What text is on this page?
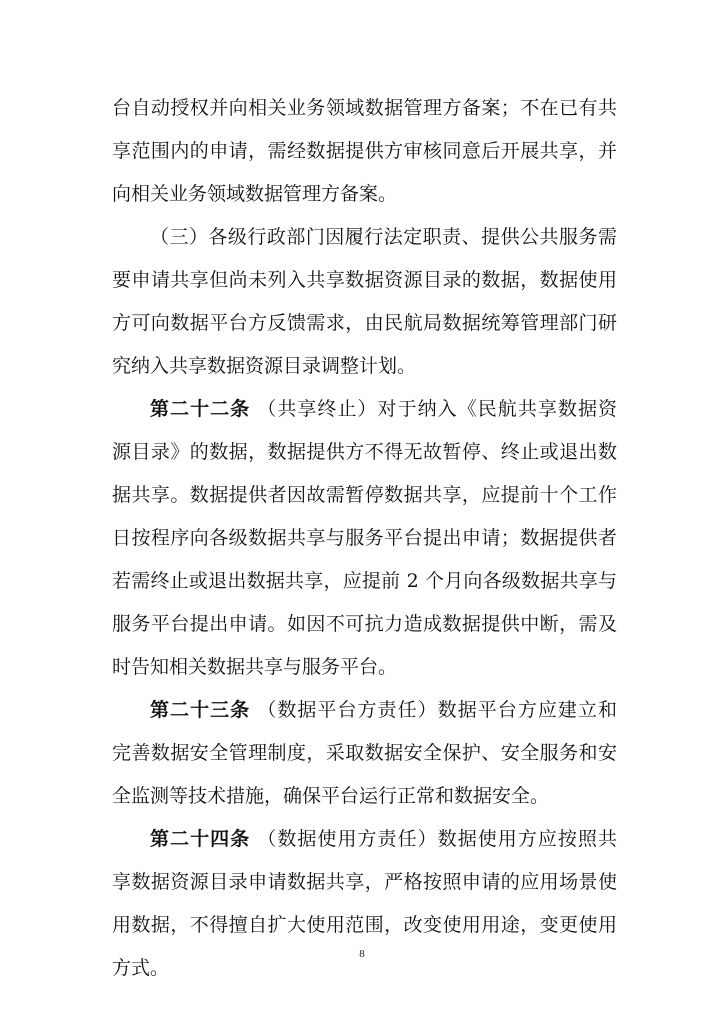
台自动授权并向相关业务领域数据管理方备案；不在已有共
享范围内的申请，需经数据提供方审核同意后开展共享，并
向相关业务领域数据管理方备案。
（三）各级行政部门因履行法定职责、提供公共服务需
要申请共享但尚未列入共享数据资源目录的数据，数据使用
方可向数据平台方反馈需求，由民航局数据统筹管理部门研
究纳入共享数据资源目录调整计划。
第二十二条 （共享终止）对于纳入《民航共享数据资
源目录》的数据，数据提供方不得无故暂停、终止或退出数
据共享。数据提供者因故需暂停数据共享，应提前十个工作
日按程序向各级数据共享与服务平台提出申请；数据提供者
若需终止或退出数据共享，应提前 2 个月向各级数据共享与
服务平台提出申请。如因不可抗力造成数据提供中断，需及
时告知相关数据共享与服务平台。
第二十三条 （数据平台方责任）数据平台方应建立和
完善数据安全管理制度，采取数据安全保护、安全服务和安
全监测等技术措施，确保平台运行正常和数据安全。
第二十四条 （数据使用方责任）数据使用方应按照共
享数据资源目录申请数据共享，严格按照申请的应用场景使
用数据，不得擅自扩大使用范围，改变使用用途，变更使用
方式。
8
